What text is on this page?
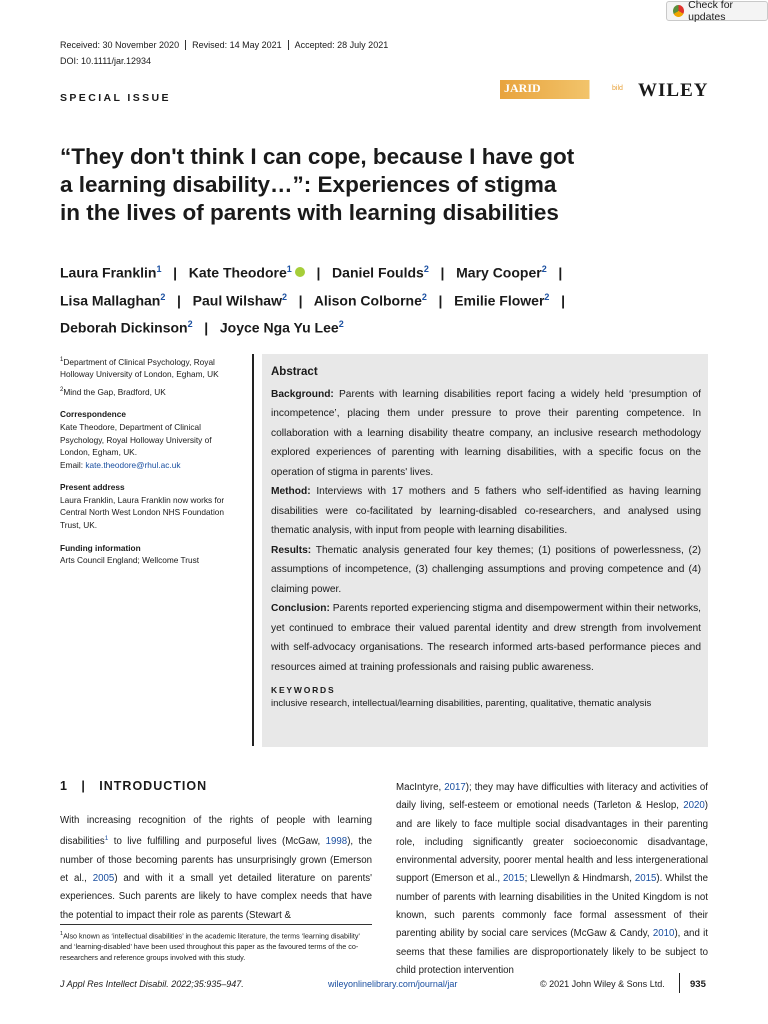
Check for updates
Received: 30 November 2020	Revised: 14 May 2021	Accepted: 28 July 2021
DOI: 10.1111/jar.12934
SPECIAL ISSUE
JARID	bild WILEY
“They don't think I can cope, because I have got a learning disability…”: Experiences of stigma in the lives of parents with learning disabilities
Laura Franklin$^1$   |   Kate Theodore$^1$   |   Daniel Foulds$^2$   |   Mary Cooper$^2$   |
Lisa Mallaghan$^2$   |   Paul Wilshaw$^2$   |   Alison Colborne$^2$   |   Emilie Flower$^2$   |
Deborah Dickinson$^2$   |   Joyce Nga Yu Lee$^2$
$^1$Department of Clinical Psychology, Royal Holloway University of London, Egham, UK
$^2$Mind the Gap, Bradford, UK
Correspondence
Kate Theodore, Department of Clinical Psychology, Royal Holloway University of London, Egham, UK.
Email: kate.theodore@rhul.ac.uk
Present address
Laura Franklin, Laura Franklin now works for Central North West London NHS Foundation Trust, UK.
Funding information
Arts Council England; Wellcome Trust
Abstract
Background: Parents with learning disabilities report facing a widely held ‘presumption of incompetence’, placing them under pressure to prove their parenting competence. In collaboration with a learning disability theatre company, an inclusive research methodology explored experiences of parenting with learning disabilities, with a specific focus on the operation of stigma in parents' lives.
Method: Interviews with 17 mothers and 5 fathers who self-identified as having learning disabilities were co-facilitated by learning-disabled co-researchers, and analysed using thematic analysis, with input from people with learning disabilities.
Results: Thematic analysis generated four key themes; (1) positions of powerlessness, (2) assumptions of incompetence, (3) challenging assumptions and proving competence and (4) claiming power.
Conclusion: Parents reported experiencing stigma and disempowerment within their networks, yet continued to embrace their valued parental identity and drew strength from involvement with self-advocacy organisations. The research informed arts-based performance pieces and resources aimed at training professionals and raising public awareness.
KEYWORDS
inclusive research, intellectual/learning disabilities, parenting, qualitative, thematic analysis
1   |   INTRODUCTION
With increasing recognition of the rights of people with learning disabilities$^1$ to live fulfilling and purposeful lives (McGaw, 1998), the number of those becoming parents has unsurprisingly grown (Emerson et al., 2005) and with it a small yet detailed literature on parents' experiences. Such parents are likely to have complex needs that have the potential to impact their role as parents (Stewart &
$^1$Also known as ‘intellectual disabilities’ in the academic literature, the terms ‘learning disability’ and ‘learning-disabled’ have been used throughout this paper as the favoured terms of the co-researchers and reference groups involved with this study.
MacIntyre, 2017); they may have difficulties with literacy and activities of daily living, self-esteem or emotional needs (Tarleton & Heslop, 2020) and are likely to face multiple social disadvantages in their parenting role, including significantly greater socioeconomic disadvantage, environmental adversity, poorer mental health and less intergenerational support (Emerson et al., 2015; Llewellyn & Hindmarsh, 2015). Whilst the number of parents with learning disabilities in the United Kingdom is not known, such parents commonly face formal assessment of their parenting ability by social care services (McGaw & Candy, 2010), and it seems that these families are disproportionately likely to be subject to child protection intervention
J Appl Res Intellect Disabil. 2022;35:935–947.	wileyonlinelibrary.com/journal/jar	© 2021 John Wiley & Sons Ltd.	935
